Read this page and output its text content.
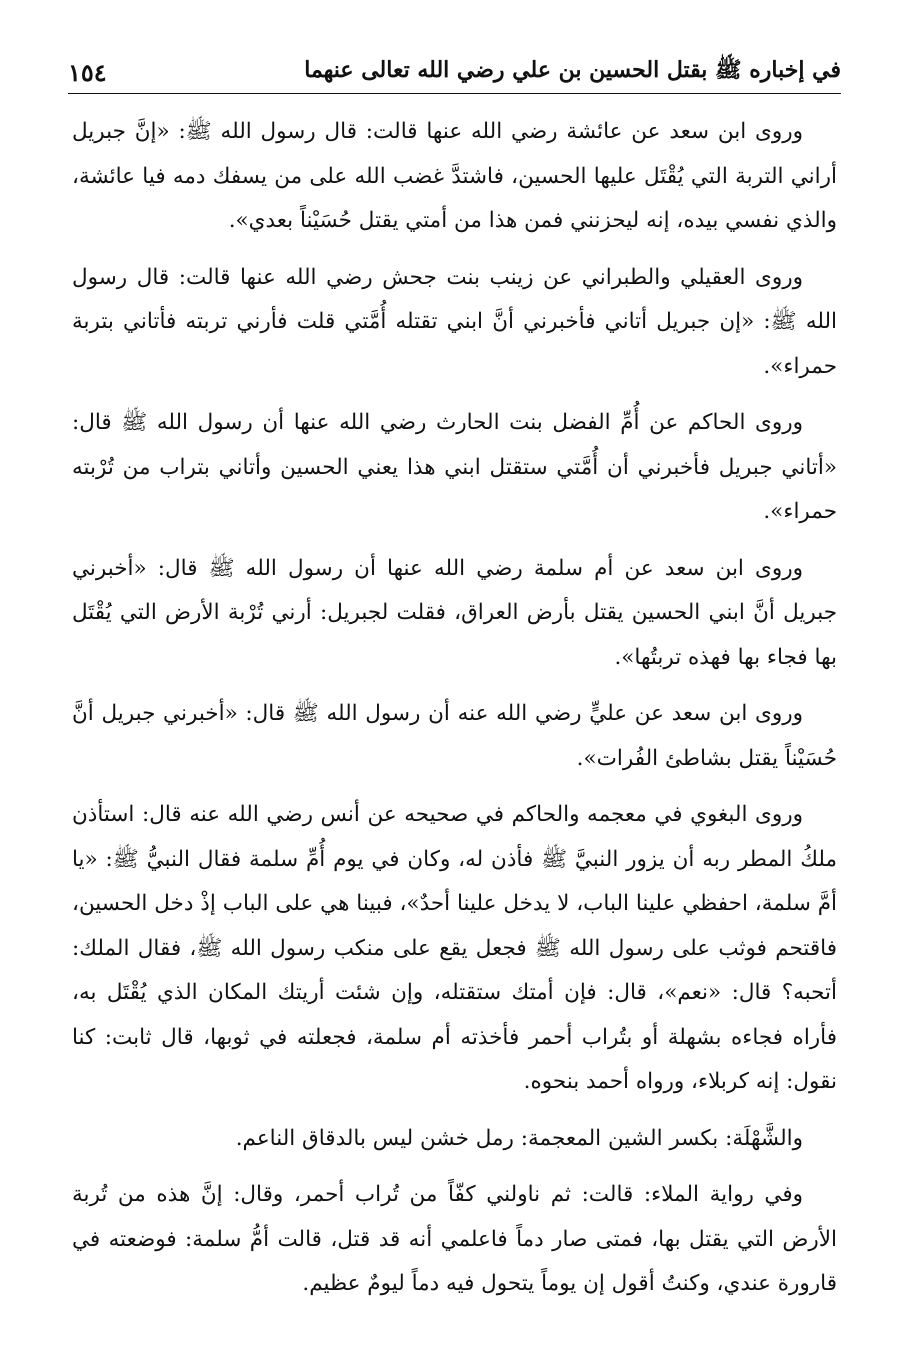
في إخباره ﷺ بقتل الحسين بن علي رضي الله تعالى عنهما
١٥٤

وروى ابن سعد عن عائشة رضي الله عنها قالت: قال رسول الله ﷺ: «إنَّ جبريل أراني التربة التي يُقْتَل عليها الحسين، فاشتدَّ غضب الله على من يسفك دمه فيا عائشة، والذي نفسي بيده، إنه ليحزنني فمن هذا من أمتي يقتل حُسَيْناً بعدي».

وروى العقيلي والطبراني عن زينب بنت جحش رضي الله عنها قالت: قال رسول الله ﷺ: «إن جبريل أتاني فأخبرني أنَّ ابني تقتله أُمَّتي قلت فأرني تربته فأتاني بتربة حمراء».

وروى الحاكم عن أُمِّ الفضل بنت الحارث رضي الله عنها أن رسول الله ﷺ قال: «أتاني جبريل فأخبرني أن أُمَّتي ستقتل ابني هذا يعني الحسين وأتاني بتراب من تُرْبته حمراء».

وروى ابن سعد عن أم سلمة رضي الله عنها أن رسول الله ﷺ قال: «أخبرني جبريل أنَّ ابني الحسين يقتل بأرض العراق، فقلت لجبريل: أرني تُرْبة الأرض التي يُقْتَل بها فجاء بها فهذه تربتُها».

وروى ابن سعد عن عليٍّ رضي الله عنه أن رسول الله ﷺ قال: «أخبرني جبريل أنَّ حُسَيْناً يقتل بشاطئ الفُرات».

وروى البغوي في معجمه والحاكم في صحيحه عن أنس رضي الله عنه قال: استأذن ملكُ المطر ربه أن يزور النبيَّ ﷺ فأذن له، وكان في يوم أُمِّ سلمة فقال النبيُّ ﷺ: «يا أمَّ سلمة، احفظي علينا الباب، لا يدخل علينا أحدٌ»، فبينا هي على الباب إذْ دخل الحسين، فاقتحم فوثب على رسول الله ﷺ فجعل يقع على منكب رسول الله ﷺ، فقال الملك: أتحبه؟ قال: «نعم»، قال: فإن أمتك ستقتله، وإن شئت أريتك المكان الذي يُقْتَل به، فأراه فجاءه بشهلة أو بتُراب أحمر فأخذته أم سلمة، فجعلته في ثوبها، قال ثابت: كنا نقول: إنه كربلاء، ورواه أحمد بنحوه.

والشَّهْلَة: بكسر الشين المعجمة: رمل خشن ليس بالدقاق الناعم.

وفي رواية الملاء: قالت: ثم ناولني كفّاً من تُراب أحمر، وقال: إنَّ هذه من تُربة الأرض التي يقتل بها، فمتى صار دماً فاعلمي أنه قد قتل، قالت أمُّ سلمة: فوضعته في قارورة عندي، وكنتُ أقول إن يوماً يتحول فيه دماً ليومٌ عظيم.
